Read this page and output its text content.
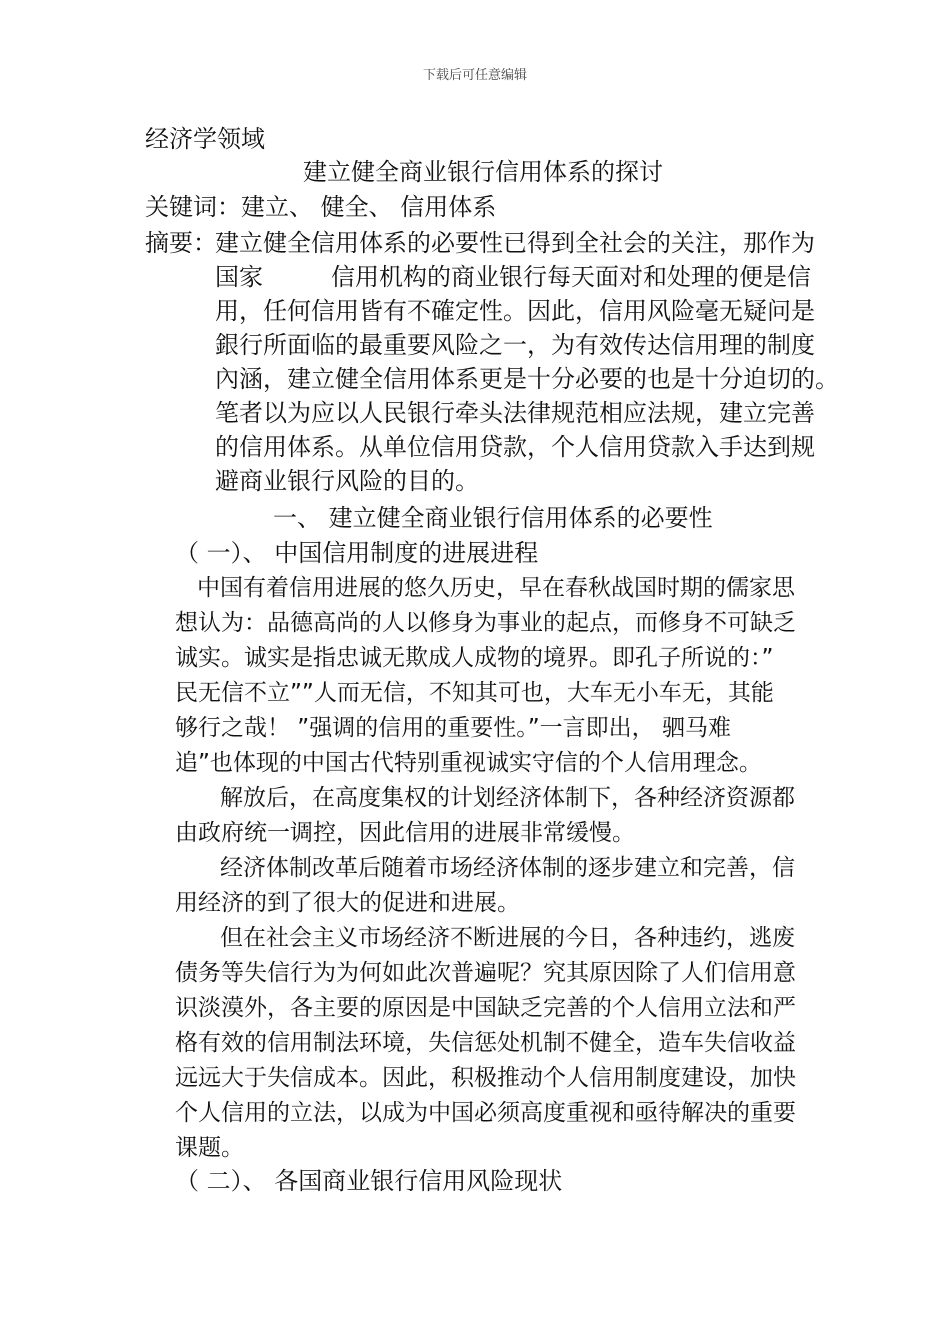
下载后可任意编辑
经济学领域
建立健全商业银行信用体系的探讨
关键词：建立、 健全、 信用体系
摘要：
建立健全信用体系的必要性已得到全社会的关注，那作为
国家	信用机构的商业银行每天面对和处理的便是信
用，任何信用皆有不確定性。因此，信用风险毫无疑问是
銀行所面临的最重要风险之一，为有效传达信用理的制度
內涵，建立健全信用体系更是十分必要的也是十分迫切的。
笔者以为应以人民银行牵头法律规范相应法规，建立完善
的信用体系。从单位信用贷款，个人信用贷款入手达到规
避商业银行风险的目的。
一、 建立健全商业银行信用体系的必要性
（ 一）、 中国信用制度的进展进程
中国有着信用进展的悠久历史，早在春秋战国时期的儒家思
想认为：品德高尚的人以修身为事业的起点，而修身不可缺乏
诚实。诚实是指忠诚无欺成人成物的境界。即孔子所说的：”
民无信不立””人而无信，不知其可也，大车无小车无，其能
够行之哉！ ”强调的信用的重要性。”一言即出， 驷马难
追”也体现的中国古代特别重视诚实守信的个人信用理念。
解放后，在高度集权的计划经济体制下，各种经济资源都
由政府统一调控，因此信用的进展非常缓慢。
经济体制改革后随着市场经济体制的逐步建立和完善，信
用经济的到了很大的促进和进展。
但在社会主义市场经济不断进展的今日，各种违约，逃废
债务等失信行为为何如此次普遍呢？究其原因除了人们信用意
识淡漠外，各主要的原因是中国缺乏完善的个人信用立法和严
格有效的信用制法环境，失信惩处机制不健全，造车失信收益
远远大于失信成本。因此，积极推动个人信用制度建设，加快
个人信用的立法，以成为中国必须高度重视和亟待解决的重要
课题。
（ 二）、 各国商业银行信用风险现状
